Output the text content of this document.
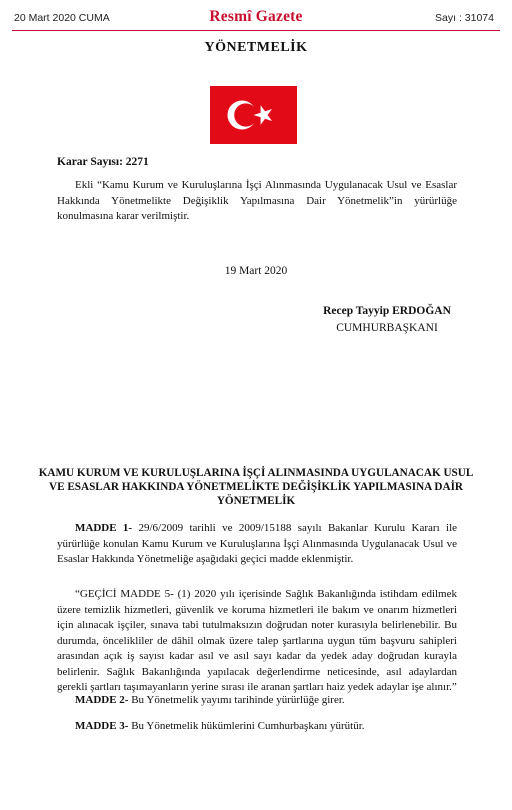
20 Mart 2020 CUMA	Resmî Gazete	Sayı : 31074
YÖNETMELİK
Karar Sayısı: 2271
Ekli “Kamu Kurum ve Kuruluşlarına İşçi Alınmasında Uygulanacak Usul ve Esaslar Hakkında Yönetmelikte Değişiklik Yapılmasına Dair Yönetmelik”in yürürlüğe konulmasına karar verilmiştir.
19 Mart 2020
Recep Tayyip ERDOĞAN
CUMHURBAŞKANI
KAMU KURUM VE KURULUŞLARINA İŞÇİ ALINMASINDA UYGULANACAK USUL VE ESASLAR HAKKINDA YÖNETMELİKTE DEĞİŞİKLİK YAPILMASINA DAİR YÖNETMELİK
MADDE 1- 29/6/2009 tarihli ve 2009/15188 sayılı Bakanlar Kurulu Kararı ile yürürlüğe konulan Kamu Kurum ve Kuruluşlarına İşçi Alınmasında Uygulanacak Usul ve Esaslar Hakkında Yönetmeliğe aşağıdaki geçici madde eklenmiştir.
“GEÇİCİ MADDE 5- (1) 2020 yılı içerisinde Sağlık Bakanlığında istihdam edilmek üzere temizlik hizmetleri, güvenlik ve koruma hizmetleri ile bakım ve onarım hizmetleri için alınacak işçiler, sınava tabi tutulmaksızın doğrudan noter kurasıyla belirlenebilir. Bu durumda, öncelikliler de dâhil olmak üzere talep şartlarına uygun tüm başvuru sahipleri arasından açık iş sayısı kadar asıl ve asıl sayı kadar da yedek aday doğrudan kurayla belirlenir. Sağlık Bakanlığında yapılacak değerlendirme neticesinde, asıl adaylardan gerekli şartları taşımayanların yerine sırası ile aranan şartları haiz yedek adaylar işe alınır.”
MADDE 2- Bu Yönetmelik yayımı tarihinde yürürlüğe girer.
MADDE 3- Bu Yönetmelik hükümlerini Cumhurbaşkanı yürütür.
